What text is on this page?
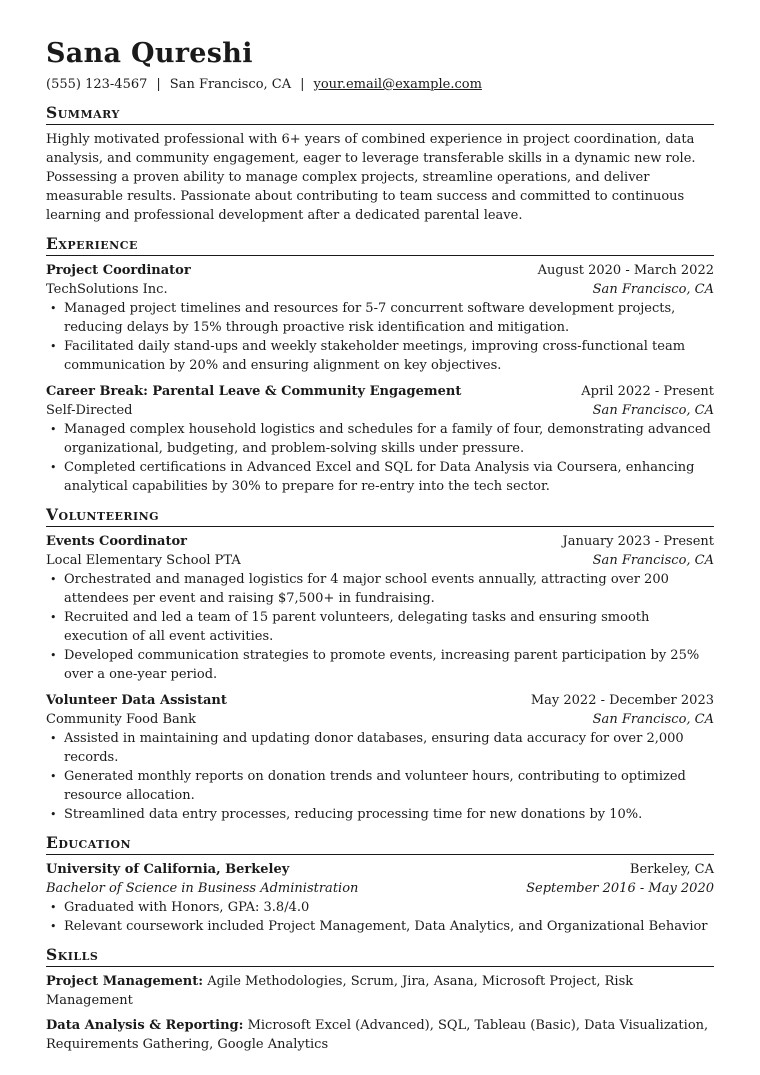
Sana Qureshi
(555) 123-4567 | San Francisco, CA | your.email@example.com
Summary

Highly motivated professional with 6+ years of combined experience in project coordination, data analysis, and community engagement, eager to leverage transferable skills in a dynamic new role. Possessing a proven ability to manage complex projects, streamline operations, and deliver measurable results. Passionate about contributing to team success and committed to continuous learning and professional development after a dedicated parental leave.

Experience
Project Coordinator	August 2020 - March 2022
TechSolutions Inc.	San Francisco, CA
• Managed project timelines and resources for 5-7 concurrent software development projects, reducing delays by 15% through proactive risk identification and mitigation.
• Facilitated daily stand-ups and weekly stakeholder meetings, improving cross-functional team communication by 20% and ensuring alignment on key objectives.
Career Break: Parental Leave & Community Engagement	April 2022 - Present
Self-Directed	San Francisco, CA
• Managed complex household logistics and schedules for a family of four, demonstrating advanced organizational, budgeting, and problem-solving skills under pressure.
• Completed certifications in Advanced Excel and SQL for Data Analysis via Coursera, enhancing analytical capabilities by 30% to prepare for re-entry into the tech sector.
Volunteering
Events Coordinator	January 2023 - Present
Local Elementary School PTA	San Francisco, CA
• Orchestrated and managed logistics for 4 major school events annually, attracting over 200 attendees per event and raising $7,500+ in fundraising.
• Recruited and led a team of 15 parent volunteers, delegating tasks and ensuring smooth execution of all event activities.
• Developed communication strategies to promote events, increasing parent participation by 25% over a one-year period.
Volunteer Data Assistant	May 2022 - December 2023
Community Food Bank	San Francisco, CA
• Assisted in maintaining and updating donor databases, ensuring data accuracy for over 2,000 records.
• Generated monthly reports on donation trends and volunteer hours, contributing to optimized resource allocation.
• Streamlined data entry processes, reducing processing time for new donations by 10%.
Education
University of California, Berkeley	Berkeley, CA
Bachelor of Science in Business Administration	September 2016 - May 2020
• Graduated with Honors, GPA: 3.8/4.0
• Relevant coursework included Project Management, Data Analytics, and Organizational Behavior
Skills

Project Management: Agile Methodologies, Scrum, Jira, Asana, Microsoft Project, Risk Management

Data Analysis & Reporting: Microsoft Excel (Advanced), SQL, Tableau (Basic), Data Visualization, Requirements Gathering, Google Analytics
